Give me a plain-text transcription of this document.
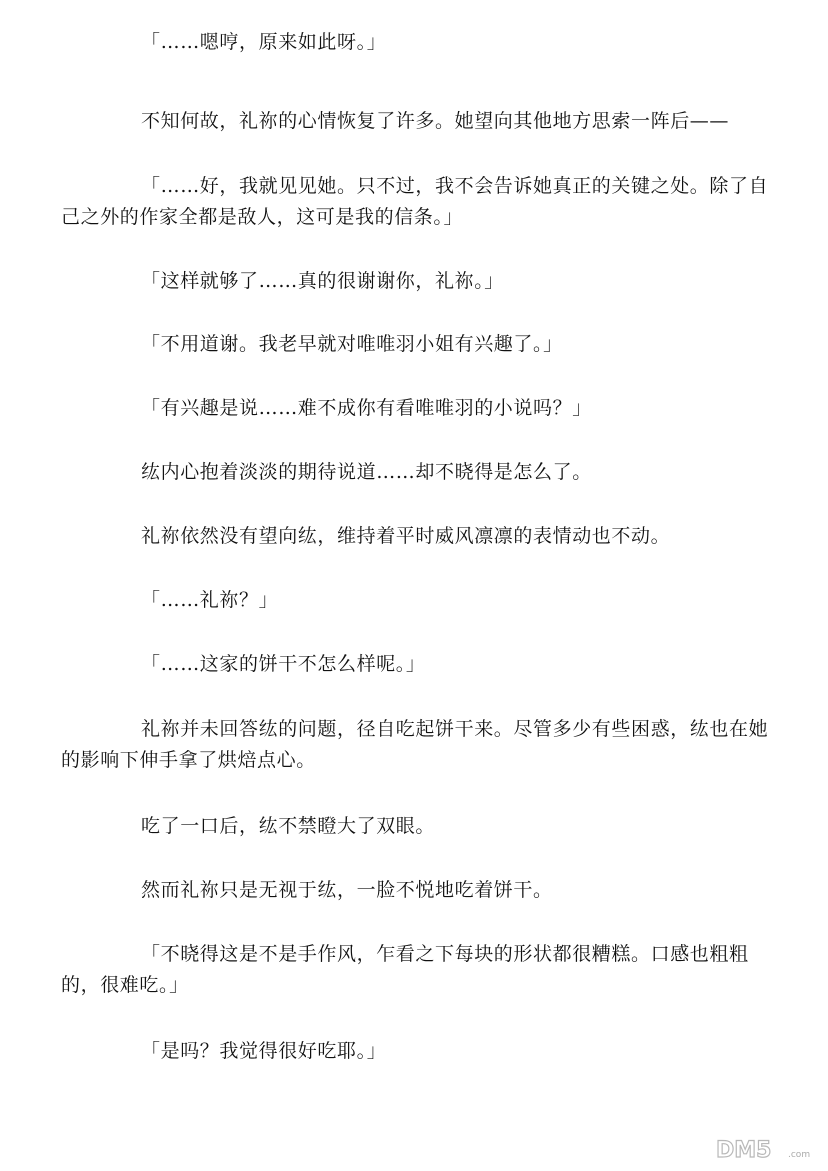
「……嗯哼，原来如此呀。」

不知何故，礼祢的心情恢复了许多。她望向其他地方思索一阵后——

「……好，我就见见她。只不过，我不会告诉她真正的关键之处。除了自己之外的作家全都是敌人，这可是我的信条。」

「这样就够了……真的很谢谢你，礼祢。」

「不用道谢。我老早就对唯唯羽小姐有兴趣了。」

「有兴趣是说……难不成你有看唯唯羽的小说吗？」

纮内心抱着淡淡的期待说道……却不晓得是怎么了。

礼祢依然没有望向纮，维持着平时威风凛凛的表情动也不动。

「……礼祢？」

「……这家的饼干不怎么样呢。」

礼祢并未回答纮的问题，径自吃起饼干来。尽管多少有些困惑，纮也在她的影响下伸手拿了烘焙点心。

吃了一口后，纮不禁瞪大了双眼。

然而礼祢只是无视于纮，一脸不悦地吃着饼干。

「不晓得这是不是手作风，乍看之下每块的形状都很糟糕。口感也粗粗的，很难吃。」

「是吗？我觉得很好吃耶。」

DM5 .com
